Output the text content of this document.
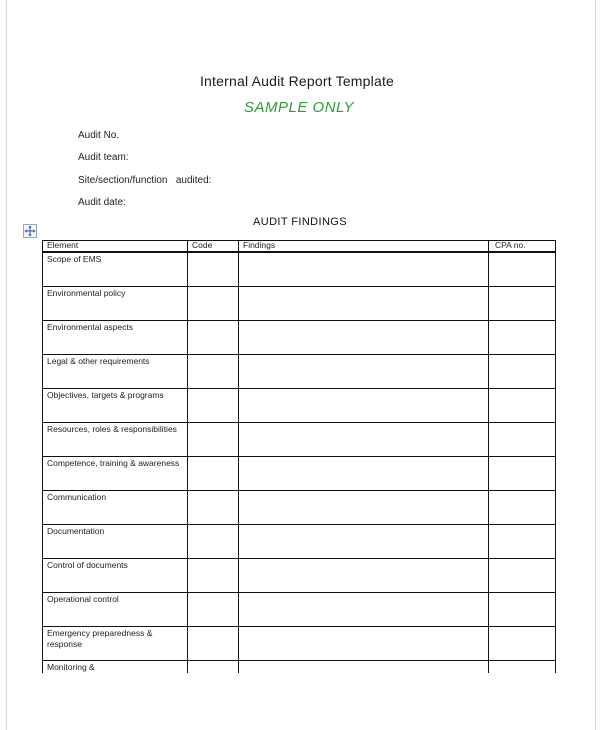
Internal Audit Report Template
SAMPLE ONLY
Audit No.
Audit team:
Site/section/function   audited:
Audit date:
AUDIT FINDINGS
Element	Code	Findings	CPA no.

Scope of EMS			

Environmental policy			

Environmental aspects			

Legal & other requirements			

Objectives, targets & programs			

Resources, roles & responsibilities			

Competence, training & awareness			

Communication			

Documentation			

Control of documents			

Operational control			

Emergency preparedness & response			

Monitoring &			
